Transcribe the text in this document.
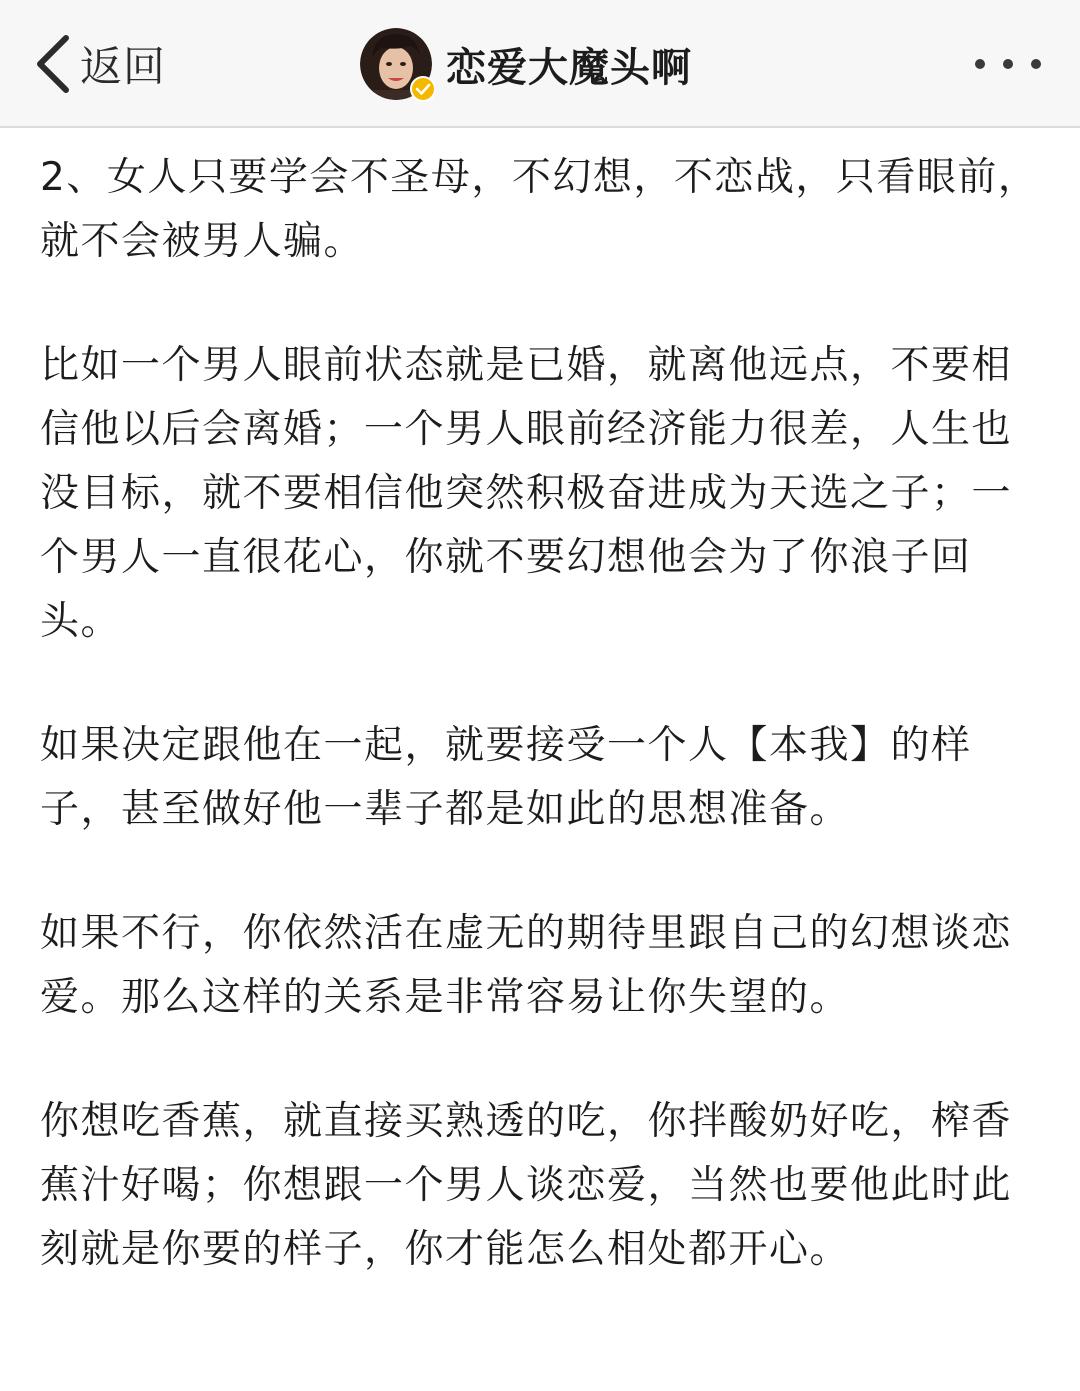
返回	恋爱大魔头啊

2、女人只要学会不圣母，不幻想，不恋战，只看眼前，就不会被男人骗。

比如一个男人眼前状态就是已婚，就离他远点，不要相信他以后会离婚；一个男人眼前经济能力很差，人生也没目标，就不要相信他突然积极奋进成为天选之子；一个男人一直很花心，你就不要幻想他会为了你浪子回头。

如果决定跟他在一起，就要接受一个人【本我】的样子，甚至做好他一辈子都是如此的思想准备。

如果不行，你依然活在虚无的期待里跟自己的幻想谈恋爱。那么这样的关系是非常容易让你失望的。

你想吃香蕉，就直接买熟透的吃，你拌酸奶好吃，榨香蕉汁好喝；你想跟一个男人谈恋爱，当然也要他此时此刻就是你要的样子，你才能怎么相处都开心。
